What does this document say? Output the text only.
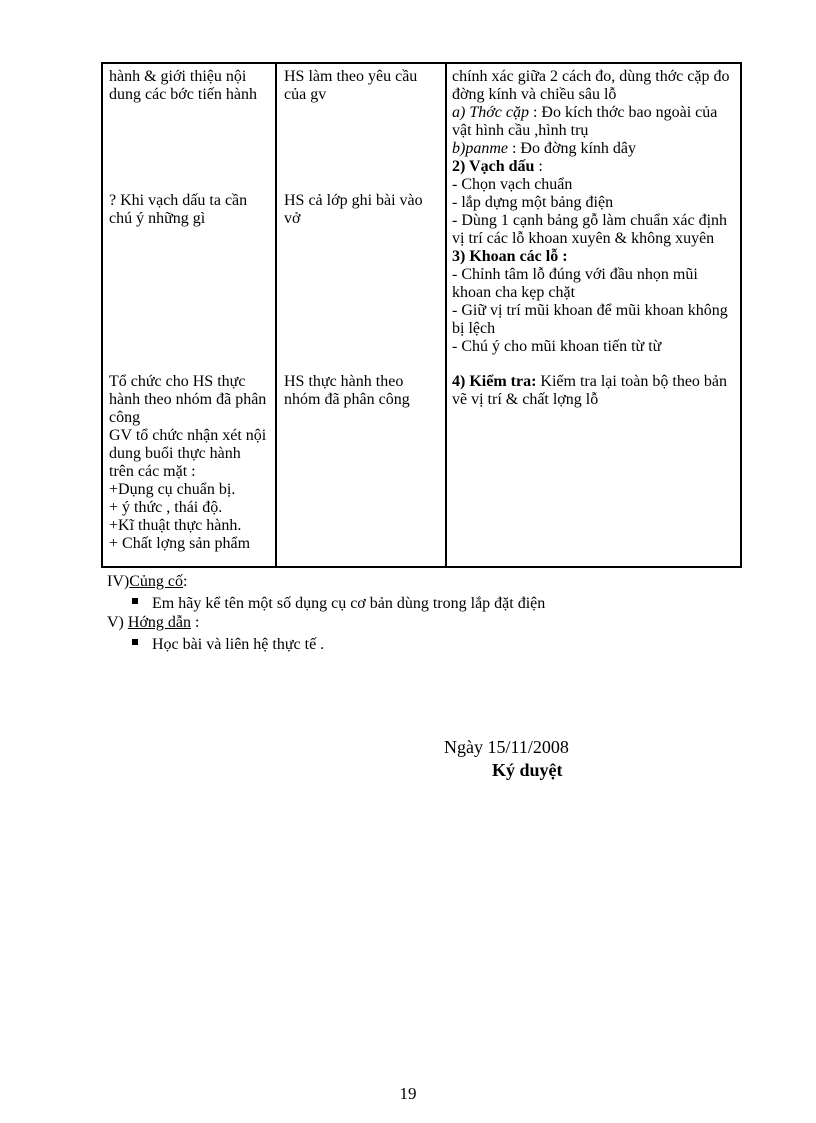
hành & giới thiệu nội dung các bớc tiến hành
HS làm theo yêu cầu của gv

chính xác giữa 2 cách đo, dùng thớc cặp đo đờng kính và chiều sâu lỗ

a) Thớc cặp : Đo kích thớc bao ngoài của vật hình cầu ,hình trụ

b)panme : Đo đờng kính dây

? Khi vạch dấu ta cần chú ý những gì
HS cả lớp ghi bài vào vở

2) Vạch dấu :

- Chọn vạch chuẩn

- lắp dựng một bảng điện

- Dùng 1 cạnh bảng gỗ làm chuẩn xác định vị trí các lỗ khoan xuyên & không xuyên

3) Khoan các lỗ :

- Chỉnh tâm lỗ đúng với đầu nhọn mũi khoan cha kẹp chặt

- Giữ vị trí mũi khoan để mũi khoan không bị lệch

- Chú ý cho mũi khoan tiến từ từ

Tổ chức cho HS thực hành theo nhóm đã phân công

GV tổ chức nhận xét nội dung buổi thực hành trên các mặt :

+Dụng cụ chuẩn bị.

+ ý thức , thái độ.

+Kĩ thuật thực hành.

+ Chất lợng sản phẩm

HS thực hành theo nhóm đã phân công

4) Kiểm tra: Kiểm tra lại toàn bộ theo bản vẽ vị trí & chất lợng lỗ

IV)Củng cố:
Em hãy kể tên một số dụng cụ cơ bản dùng trong lắp đặt điện
V) Hớng dẫn :
Học bài và liên hệ thực tế .
Ngày 15/11/2008
Ký duyệt
19
